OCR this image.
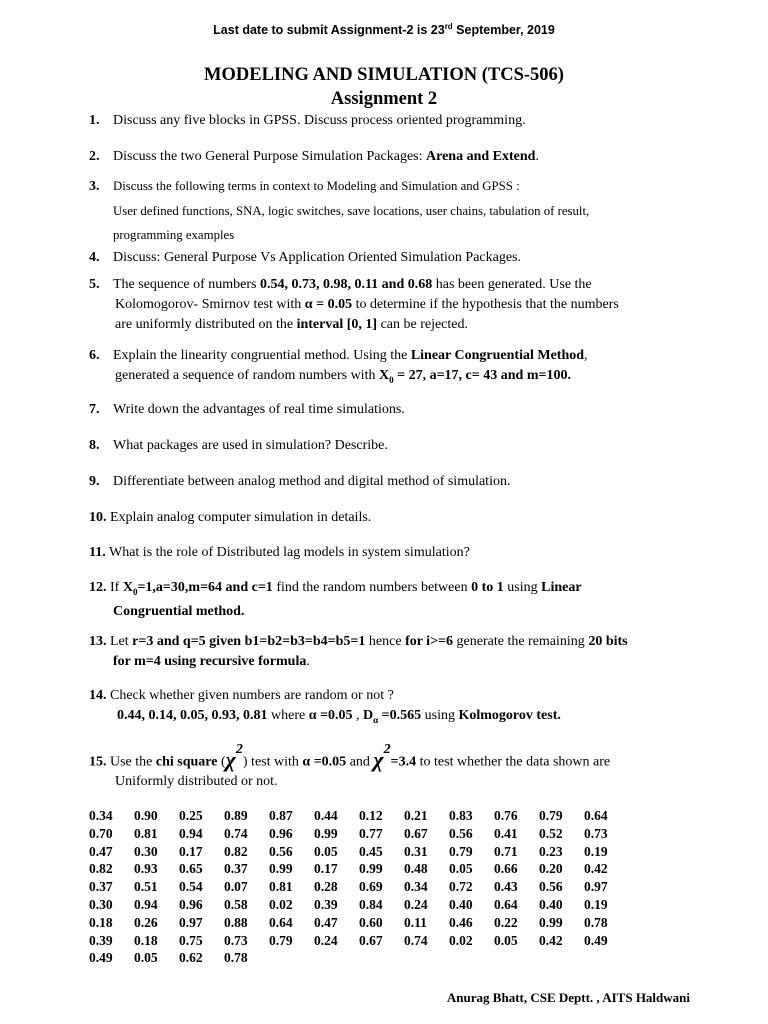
Last date to submit Assignment-2 is 23rd September, 2019
MODELING AND SIMULATION (TCS-506)
Assignment 2
1. Discuss any five blocks in GPSS. Discuss process oriented programming.
2. Discuss the two General Purpose Simulation Packages: Arena and Extend.
3. Discuss the following terms in context to Modeling and Simulation and GPSS :
User defined functions, SNA, logic switches, save locations, user chains, tabulation of result,
programming examples
4. Discuss: General Purpose Vs Application Oriented Simulation Packages.
5. The sequence of numbers 0.54, 0.73, 0.98, 0.11 and 0.68 has been generated. Use the
Kolomogorov- Smirnov test with α = 0.05 to determine if the hypothesis that the numbers
are uniformly distributed on the interval [0, 1] can be rejected.
6. Explain the linearity congruential method. Using the Linear Congruential Method,
generated a sequence of random numbers with $X_0 = 27$, a=17, c= 43 and m=100.
7. Write down the advantages of real time simulations.
8. What packages are used in simulation? Describe.
9. Differentiate between analog method and digital method of simulation.
10. Explain analog computer simulation in details.
11. What is the role of Distributed lag models in system simulation?
12. If $X_0=1,a=30,m=64$ and c=1 find the random numbers between 0 to 1 using Linear
Congruential method.
13. Let r=3 and q=5 given b1=b2=b3=b4=b5=1 hence for i>=6 generate the remaining 20 bits
for m=4 using recursive formula.
14. Check whether given numbers are random or not ?
0.44, 0.14, 0.05, 0.93, 0.81 where α =0.05 , $D_\alpha =0.565$ using Kolmogorov test.
15. Use the chi square $(\chi^2)$ test with α =0.05 and $\chi^2=3.4$ to test whether the data shown are
Uniformly distributed or not.
0.34	0.90	0.25	0.89	0.87	0.44	0.12	0.21	0.83	0.76	0.79	0.64
0.70	0.81	0.94	0.74	0.96	0.99	0.77	0.67	0.56	0.41	0.52	0.73
0.47	0.30	0.17	0.82	0.56	0.05	0.45	0.31	0.79	0.71	0.23	0.19
0.82	0.93	0.65	0.37	0.99	0.17	0.99	0.48	0.05	0.66	0.20	0.42
0.37	0.51	0.54	0.07	0.81	0.28	0.69	0.34	0.72	0.43	0.56	0.97
0.30	0.94	0.96	0.58	0.02	0.39	0.84	0.24	0.40	0.64	0.40	0.19
0.18	0.26	0.97	0.88	0.64	0.47	0.60	0.11	0.46	0.22	0.99	0.78
0.39	0.18	0.75	0.73	0.79	0.24	0.67	0.74	0.02	0.05	0.42	0.49
0.49	0.05	0.62	0.78								
Anurag Bhatt, CSE Deptt. , AITS Haldwani
